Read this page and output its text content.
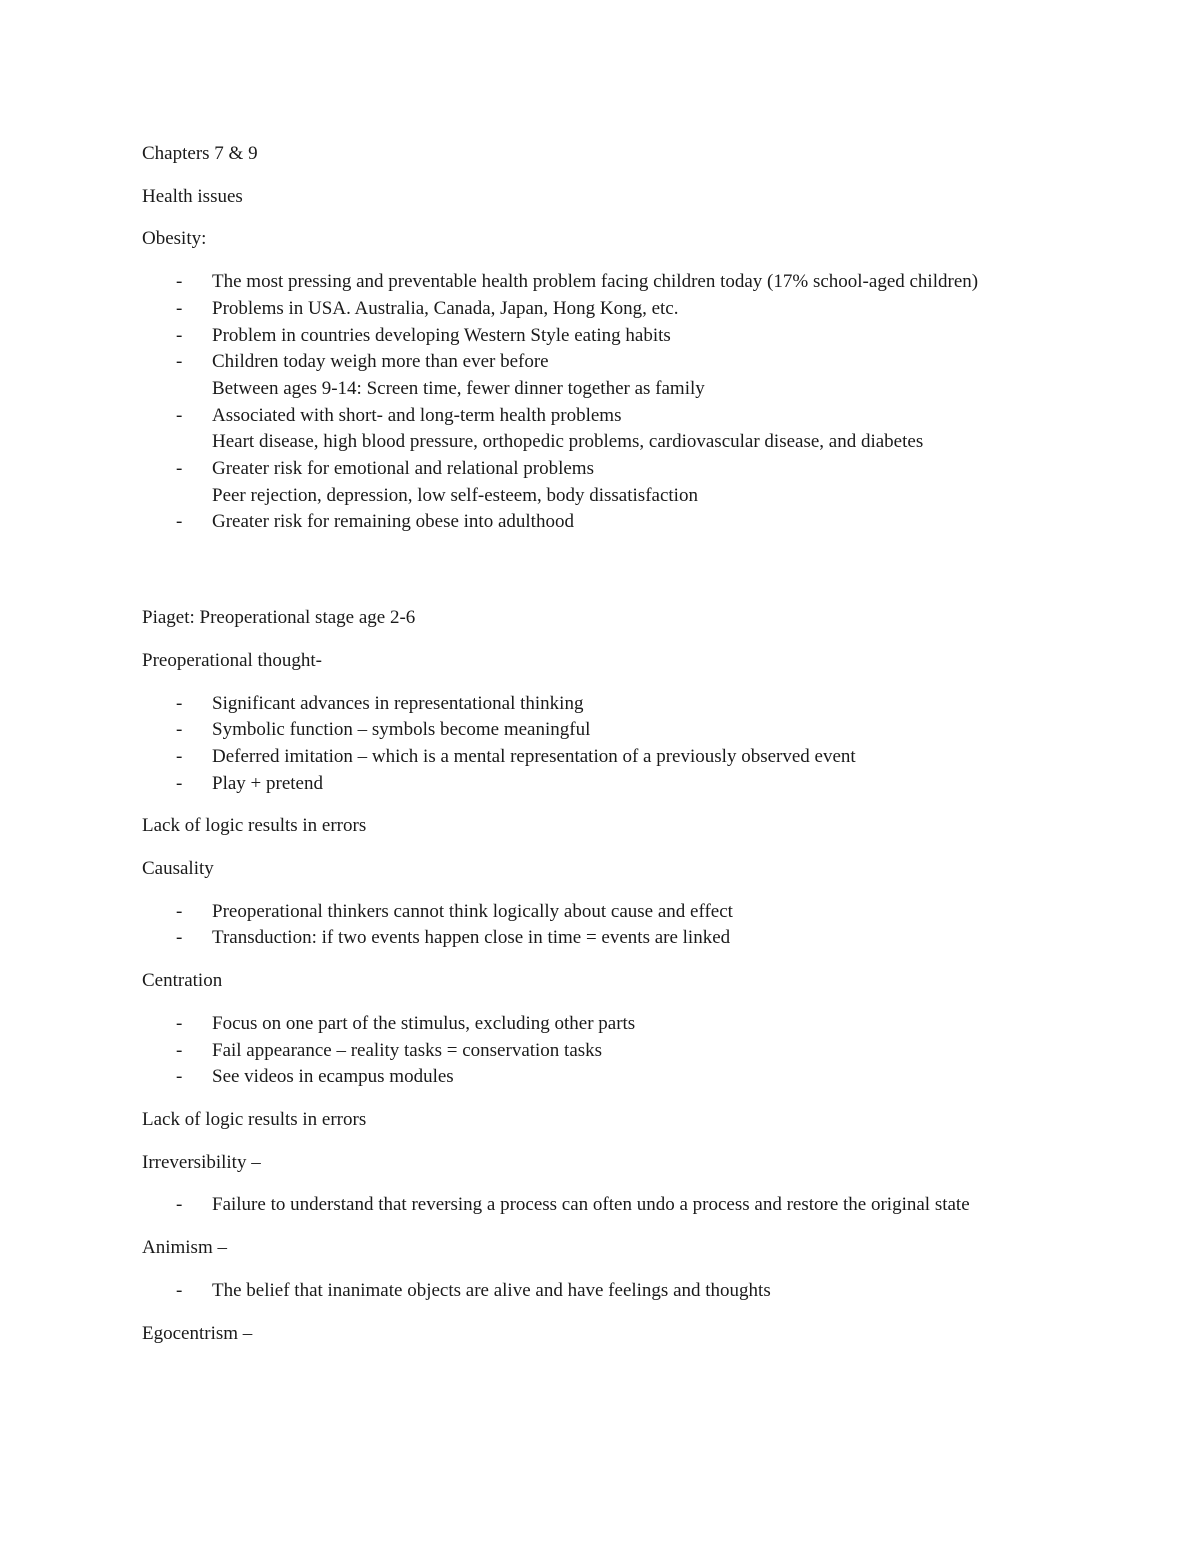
Chapters 7 & 9

Health issues

Obesity:

- The most pressing and preventable health problem facing children today (17% school-aged children)
- Problems in USA. Australia, Canada, Japan, Hong Kong, etc.
- Problem in countries developing Western Style eating habits
- Children today weigh more than ever before
Between ages 9-14: Screen time, fewer dinner together as family
- Associated with short- and long-term health problems
Heart disease, high blood pressure, orthopedic problems, cardiovascular disease, and diabetes
- Greater risk for emotional and relational problems
Peer rejection, depression, low self-esteem, body dissatisfaction
- Greater risk for remaining obese into adulthood

Piaget: Preoperational stage age 2-6

Preoperational thought-

- Significant advances in representational thinking
- Symbolic function – symbols become meaningful
- Deferred imitation – which is a mental representation of a previously observed event
- Play + pretend

Lack of logic results in errors

Causality

- Preoperational thinkers cannot think logically about cause and effect
- Transduction: if two events happen close in time = events are linked

Centration

- Focus on one part of the stimulus, excluding other parts
- Fail appearance – reality tasks = conservation tasks
- See videos in ecampus modules

Lack of logic results in errors

Irreversibility –

- Failure to understand that reversing a process can often undo a process and restore the original state

Animism –

- The belief that inanimate objects are alive and have feelings and thoughts

Egocentrism –
